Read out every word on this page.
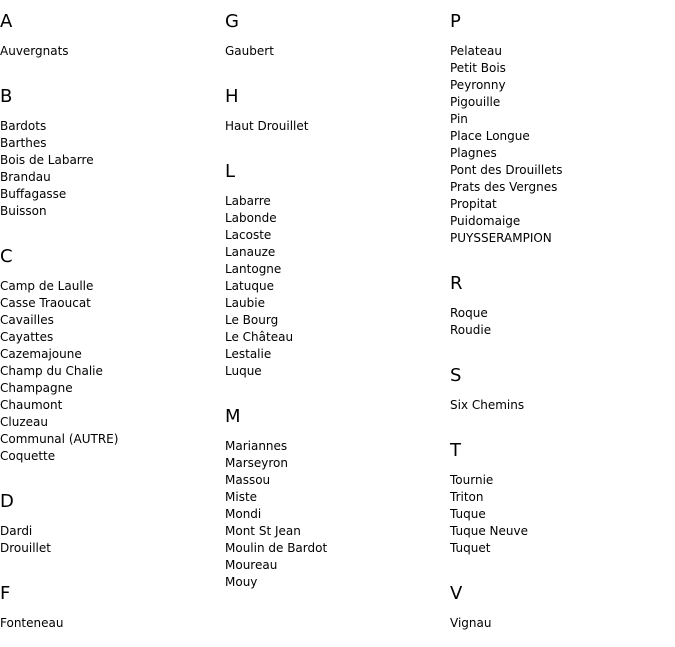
A
Auvergnats
B
Bardots
Barthes
Bois de Labarre
Brandau
Buffagasse
Buisson
C
Camp de Laulle
Casse Traoucat
Cavailles
Cayattes
Cazemajoune
Champ du Chalie
Champagne
Chaumont
Cluzeau
Communal (AUTRE)
Coquette
D
Dardi
Drouillet
F
Fonteneau
G
Gaubert
H
Haut Drouillet
L
Labarre
Labonde
Lacoste
Lanauze
Lantogne
Latuque
Laubie
Le Bourg
Le Château
Lestalie
Luque
M
Mariannes
Marseyron
Massou
Miste
Mondi
Mont St Jean
Moulin de Bardot
Moureau
Mouy
P
Pelateau
Petit Bois
Peyronny
Pigouille
Pin
Place Longue
Plagnes
Pont des Drouillets
Prats des Vergnes
Propitat
Puidomaige
PUYSSERAMPION
R
Roque
Roudie
S
Six Chemins
T
Tournie
Triton
Tuque
Tuque Neuve
Tuquet
V
Vignau
